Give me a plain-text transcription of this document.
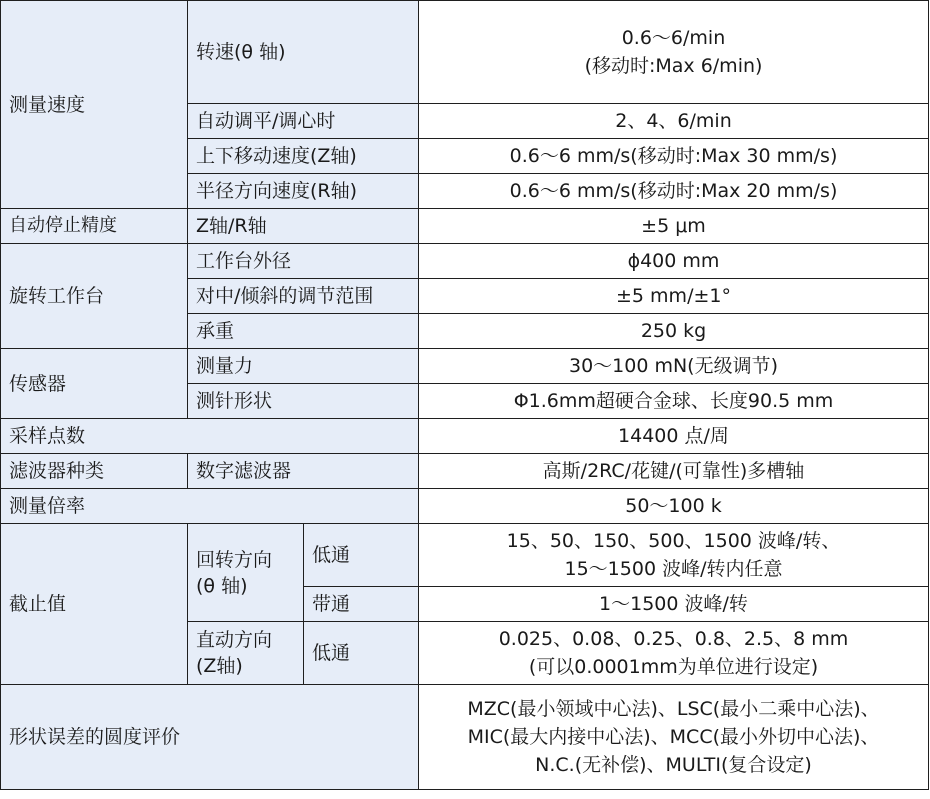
测量速度	转速(θ 轴)		0.6〜6/min
(移动时:Max 6/min)
	自动调平/调心时		2、4、6/min
	上下移动速度(Z轴)		0.6〜6 mm/s(移动时:Max 30 mm/s)
	半径方向速度(R轴)		0.6〜6 mm/s(移动时:Max 20 mm/s)
自动停止精度	Z轴/R轴		±5 μm
旋转工作台	工作台外径		ϕ400 mm
	对中/倾斜的调节范围		±5 mm/±1°
	承重		250 kg
传感器	测量力		30〜100 mN(无级调节)
	测针形状		Φ1.6mm超硬合金球、长度90.5 mm
采样点数			14400 点/周
滤波器种类	数字滤波器		高斯/2RC/花键/(可靠性)多槽轴
测量倍率			50〜100 k
截止值	回转方向
(θ 轴)	低通	15、50、150、500、1500 波峰/转、
15〜1500 波峰/转内任意
		带通	1〜1500 波峰/转
	直动方向
(Z轴)	低通	0.025、0.08、0.25、0.8、2.5、8 mm
(可以0.0001mm为单位进行设定)
形状误差的圆度评价			MZC(最小领域中心法)、LSC(最小二乘中心法)、
MIC(最大内接中心法)、MCC(最小外切中心法)、
N.C.(无补偿)、MULTI(复合设定)
